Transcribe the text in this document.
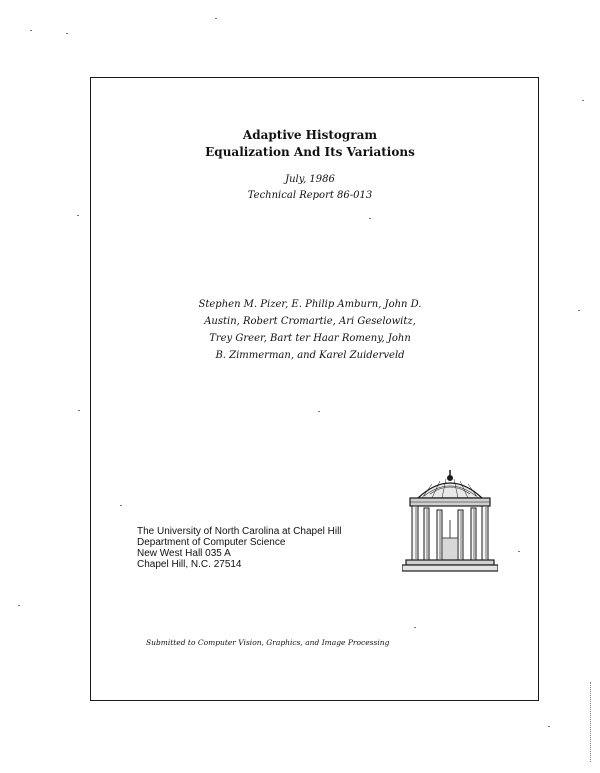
Adaptive Histogram
Equalization And Its Variations
July, 1986
Technical Report 86-013
Stephen M. Pizer, E. Philip Amburn, John D.
Austin, Robert Cromartie, Ari Geselowitz,
Trey Greer, Bart ter Haar Romeny, John
B. Zimmerman, and Karel Zuiderveld
The University of North Carolina at Chapel Hill
Department of Computer Science
New West Hall 035 A
Chapel Hill, N.C. 27514
Submitted to Computer Vision, Graphics, and Image Processing
